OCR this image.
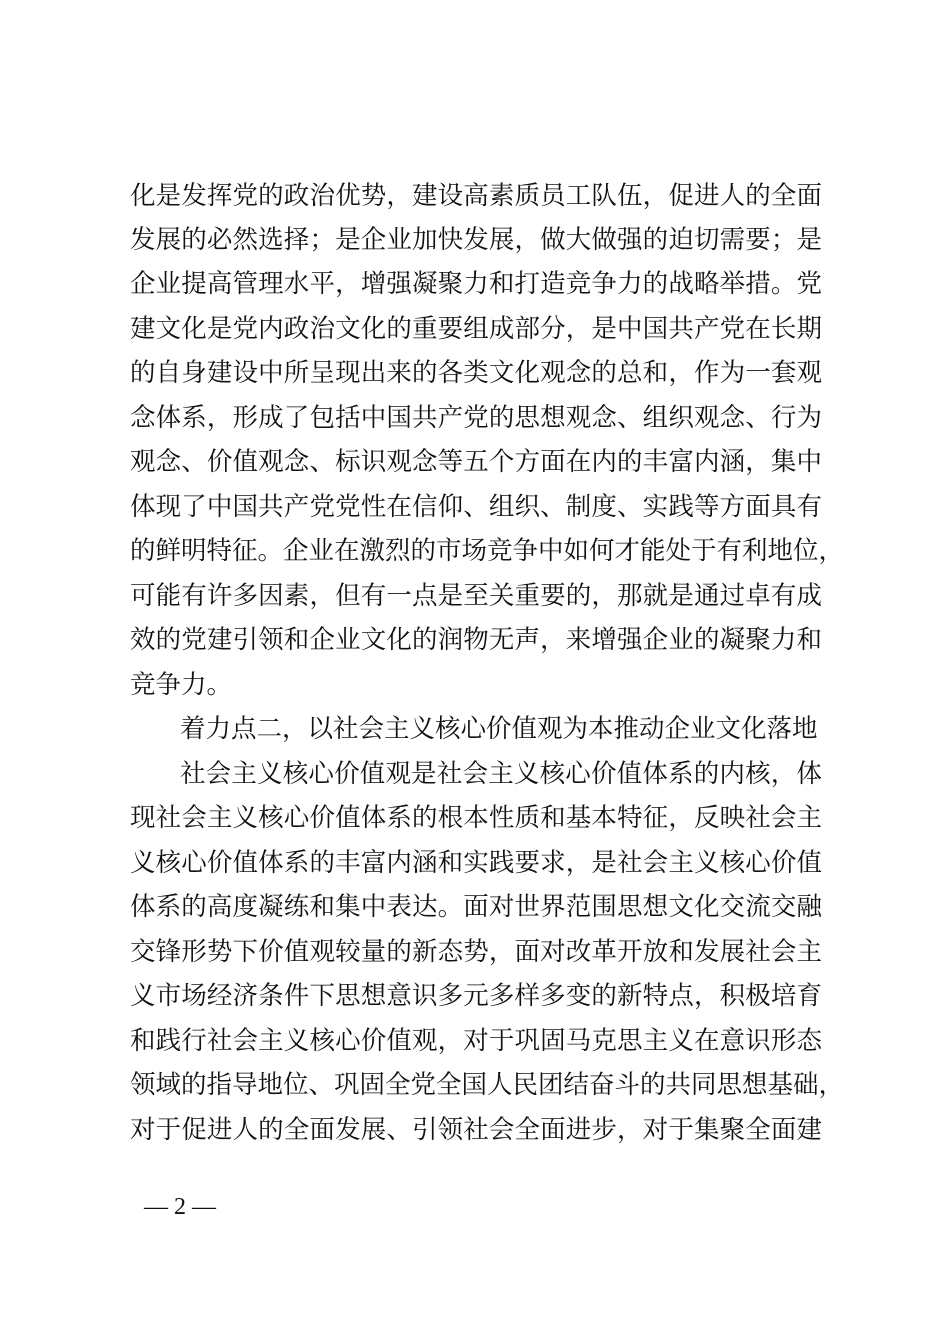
化是发挥党的政治优势，建设高素质员工队伍，促进人的全面
发展的必然选择；是企业加快发展，做大做强的迫切需要；是
企业提高管理水平，增强凝聚力和打造竞争力的战略举措。党
建文化是党内政治文化的重要组成部分，是中国共产党在长期
的自身建设中所呈现出来的各类文化观念的总和，作为一套观
念体系，形成了包括中国共产党的思想观念、组织观念、行为
观念、价值观念、标识观念等五个方面在内的丰富内涵，集中
体现了中国共产党党性在信仰、组织、制度、实践等方面具有
的鲜明特征。企业在激烈的市场竞争中如何才能处于有利地位，
可能有许多因素，但有一点是至关重要的，那就是通过卓有成
效的党建引领和企业文化的润物无声，来增强企业的凝聚力和
竞争力。
着力点二，以社会主义核心价值观为本推动企业文化落地
社会主义核心价值观是社会主义核心价值体系的内核，体
现社会主义核心价值体系的根本性质和基本特征，反映社会主
义核心价值体系的丰富内涵和实践要求，是社会主义核心价值
体系的高度凝练和集中表达。面对世界范围思想文化交流交融
交锋形势下价值观较量的新态势，面对改革开放和发展社会主
义市场经济条件下思想意识多元多样多变的新特点，积极培育
和践行社会主义核心价值观，对于巩固马克思主义在意识形态
领域的指导地位、巩固全党全国人民团结奋斗的共同思想基础，
对于促进人的全面发展、引领社会全面进步，对于集聚全面建
— 2 —
